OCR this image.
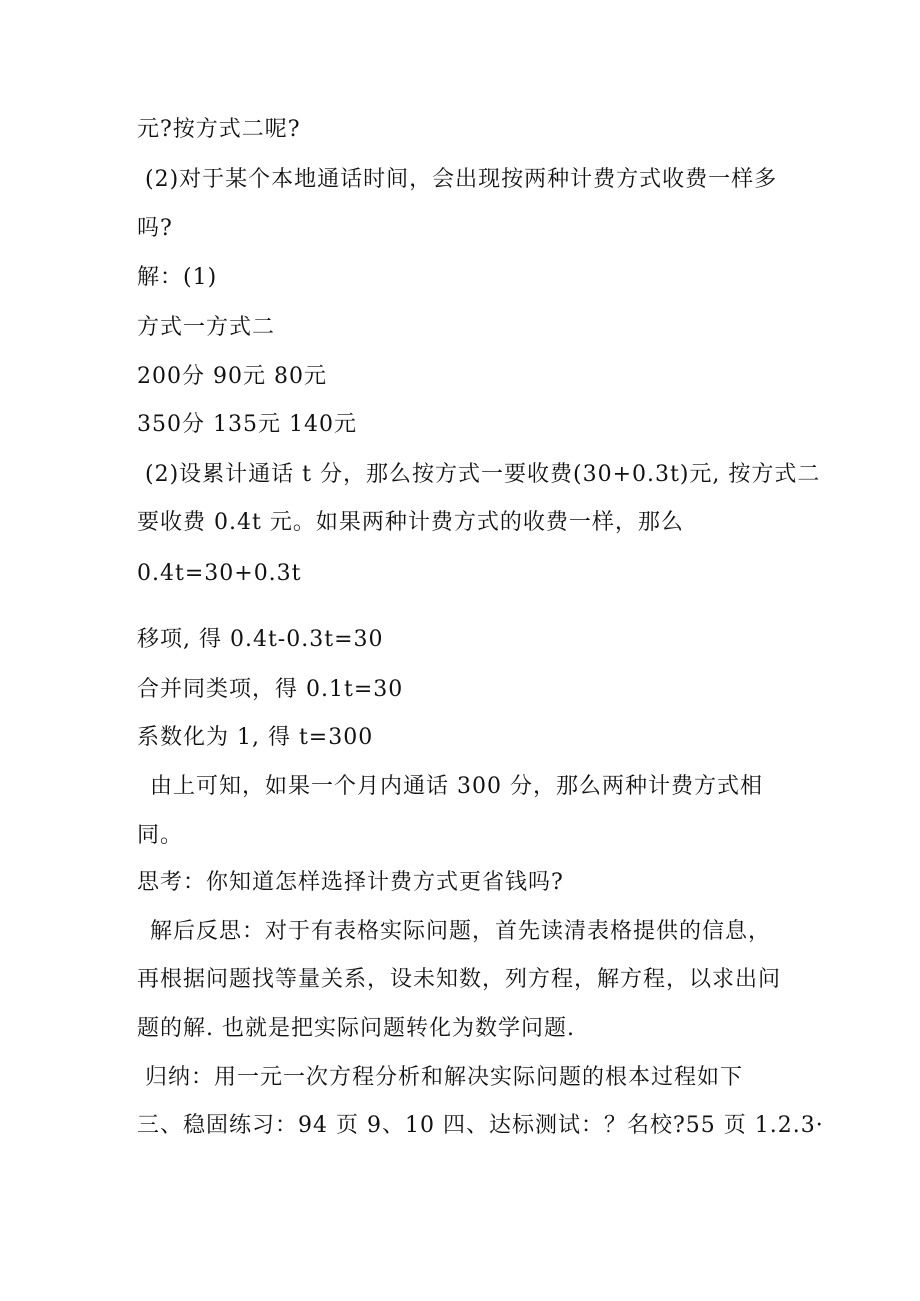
元?按方式二呢?
(2)对于某个本地通话时间，会出现按两种计费方式收费一样多
吗?
解：(1)
方式一方式二
200分 90元 80元
350分 135元 140元
(2)设累计通话 t 分，那么按方式一要收费(30+0.3t)元, 按方式二
要收费 0.4t 元。如果两种计费方式的收费一样，那么
0.4t=30+0.3t
移项, 得 0.4t-0.3t=30
合并同类项，得 0.1t=30
系数化为 1, 得 t=300
由上可知，如果一个月内通话 300 分，那么两种计费方式相
同。
思考：你知道怎样选择计费方式更省钱吗?
解后反思：对于有表格实际问题，首先读清表格提供的信息，
再根据问题找等量关系，设未知数，列方程，解方程，以求出问
题的解. 也就是把实际问题转化为数学问题.
归纳：用一元一次方程分析和解决实际问题的根本过程如下
三、稳固练习：94 页 9、10 四、达标测试：？名校?55 页 1.2.3·
